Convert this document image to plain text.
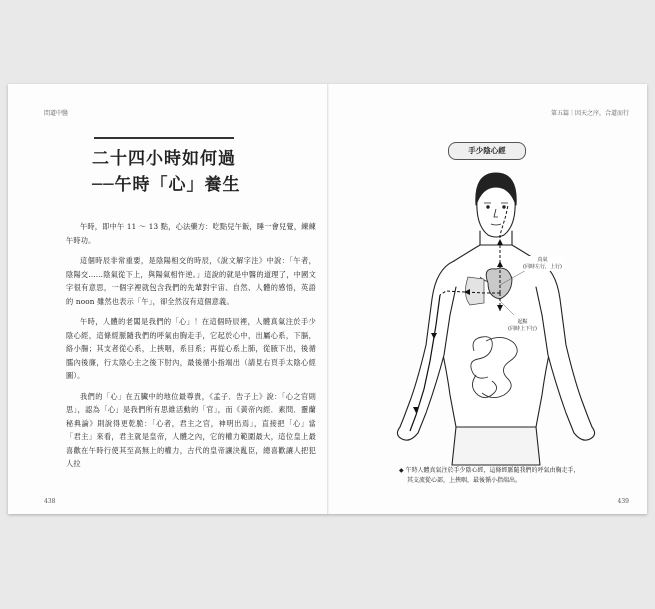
問道中醫
二十四小時如何過
──午時「心」養生

午時，即中午 11 ～ 13 點，心法藥方：吃點兒午飯，睡一會兒覺，練練午時功。

這個時辰非常重要，是陰陽相交的時辰，《說文解字注》中說：「午者，陰陽交……陰氣從下上，與陽氣相忤逆。」這說的就是中醫的道理了，中國文字很有意思，一個字裡就包含我們的先輩對宇宙、自然、人體的感悟，英語的 noon 雖然也表示「午」，卻全然沒有這個意義。

午時，人體的老闆是我們的「心」！在這個時辰裡，人體真氣注於手少陰心經，這條經脈隨我們的呼氣由胸走手，它起於心中，出屬心系，下膈，絡小腸；其支者從心系，上挾咽，系目系；再從心系上肺，從腋下出，後循臑內後廉，行太陰心主之後下肘內，最後循小指端出（請見右頁手太陰心經圖）。

我們的「心」在五臟中的地位最尊貴，《孟子．告子上》說：「心之官則思」，認為「心」是我們所有思維活動的「官」，而《黃帝內經．素問．靈蘭秘典論》則說得更乾脆：「心者，君主之官，神明出焉」，直接把「心」當「君主」來看，君主就是皇帝，人體之內，它的權力範圍最大，這位皇上最喜歡在午時行使其至高無上的權力，古代的皇帝讓決亂臣，總喜歡讓人把犯人拉

438
第五篇｜因天之序，合道而行
439
手少陰心經
真氣
(同時左行，上行)
起點
(同時上下行)
◆ 午時人體真氣注於手少陰心經，這條經脈隨我們的呼氣由胸走手，
其支流從心部，上挾咽，最後循小指端出。
